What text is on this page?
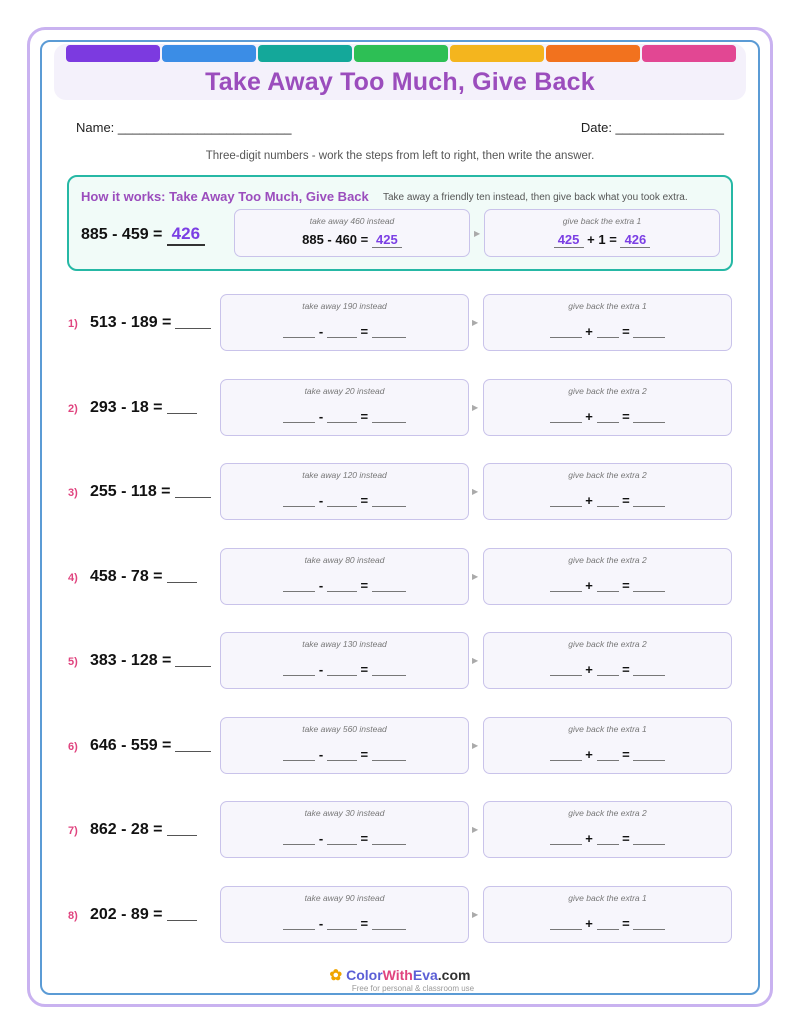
Take Away Too Much, Give Back
Name: ________________________	Date: _______________
Three-digit numbers - work the steps from left to right, then write the answer.
How it works: Take Away Too Much, Give Back Take away a friendly ten instead, then give back what you took extra.
885 - 459 = 426
take away 460 instead
885 - 460 = 425	▶
give back the extra 1
425 + 1 = 426
1) 513 - 189 =
take away 190 instead
-  =
▶
give back the extra 1
+  =
2) 293 - 18 =
take away 20 instead
-  =
▶
give back the extra 2
+  =
3) 255 - 118 =
take away 120 instead
-  =
▶
give back the extra 2
+  =
4) 458 - 78 =
take away 80 instead
-  =
▶
give back the extra 2
+  =
5) 383 - 128 =
take away 130 instead
-  =
▶
give back the extra 2
+  =
6) 646 - 559 =
take away 560 instead
-  =
▶
give back the extra 1
+  =
7) 862 - 28 =
take away 30 instead
-  =
▶
give back the extra 2
+  =
8) 202 - 89 =
take away 90 instead
-  =
▶
give back the extra 1
+  =
✿ ColorWithEva.com
Free for personal & classroom use
